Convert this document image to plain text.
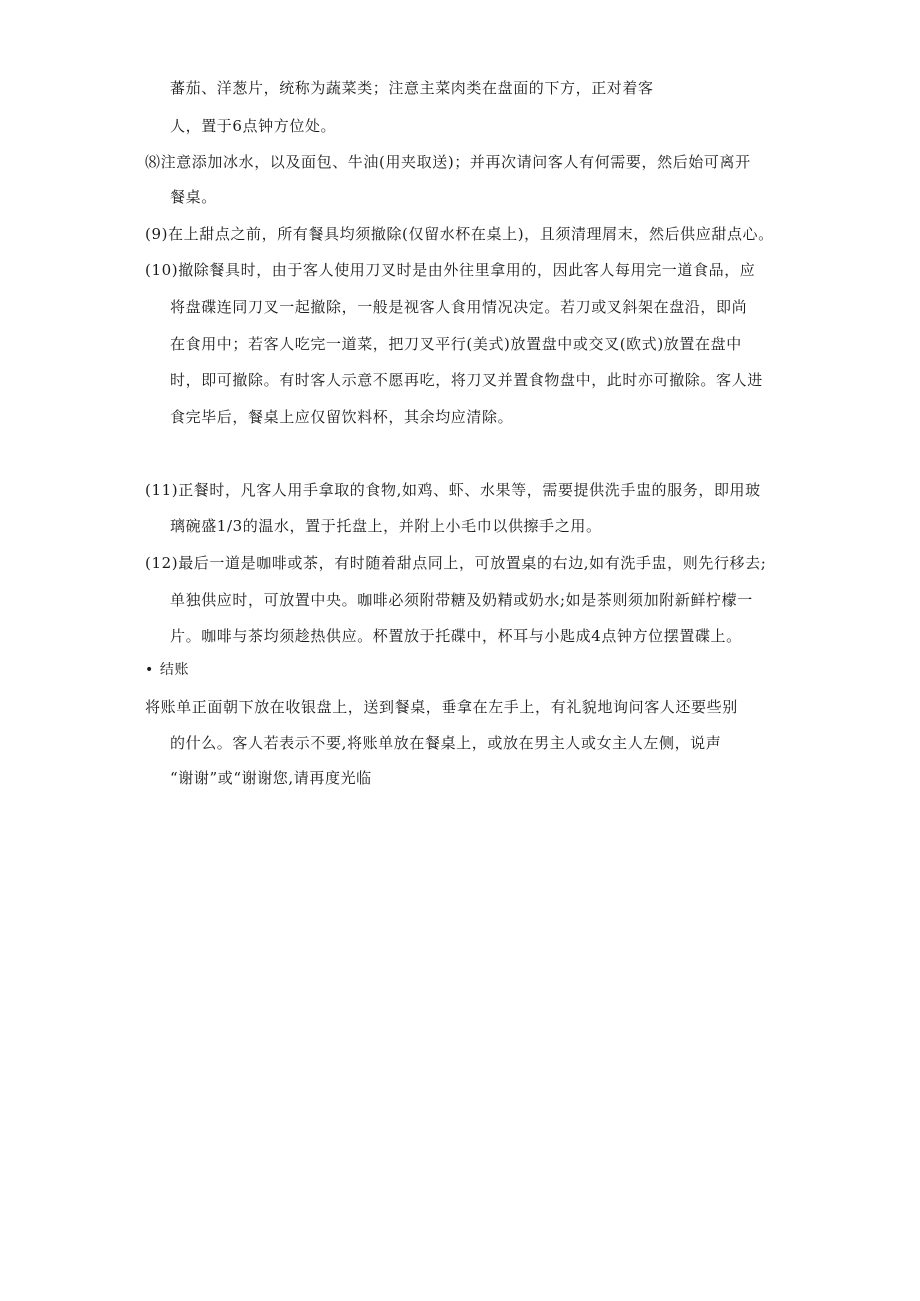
蕃茄、洋葱片，统称为蔬菜类；注意主菜肉类在盘面的下方，正对着客
人，置于6点钟方位处。
⑻注意添加冰水，以及面包、牛油(用夹取送)；并再次请问客人有何需要，然后始可离开
餐桌。
(9)在上甜点之前，所有餐具均须撤除(仅留水杯在桌上)，且须清理屑末，然后供应甜点心。
(10)撤除餐具时，由于客人使用刀叉时是由外往里拿用的，因此客人每用完一道食品，应
将盘碟连同刀叉一起撤除，一般是视客人食用情况决定。若刀或叉斜架在盘沿，即尚
在食用中；若客人吃完一道菜，把刀叉平行(美式)放置盘中或交叉(欧式)放置在盘中
时，即可撤除。有时客人示意不愿再吃，将刀叉并置食物盘中，此时亦可撤除。客人进
食完毕后，餐桌上应仅留饮料杯，其余均应清除。
(11)正餐时，凡客人用手拿取的食物,如鸡、虾、水果等，需要提供洗手盅的服务，即用玻
璃碗盛1/3的温水，置于托盘上，并附上小毛巾以供擦手之用。
(12)最后一道是咖啡或茶，有时随着甜点同上，可放置桌的右边,如有洗手盅，则先行移去;
单独供应时，可放置中央。咖啡必须附带糖及奶精或奶水;如是茶则须加附新鲜柠檬一
片。咖啡与茶均须趁热供应。杯置放于托碟中，杯耳与小匙成4点钟方位摆置碟上。
• 结账
将账单正面朝下放在收银盘上，送到餐桌，垂拿在左手上，有礼貌地询问客人还要些别
的什么。客人若表示不要,将账单放在餐桌上，或放在男主人或女主人左侧，说声
“谢谢”或“谢谢您,请再度光临
